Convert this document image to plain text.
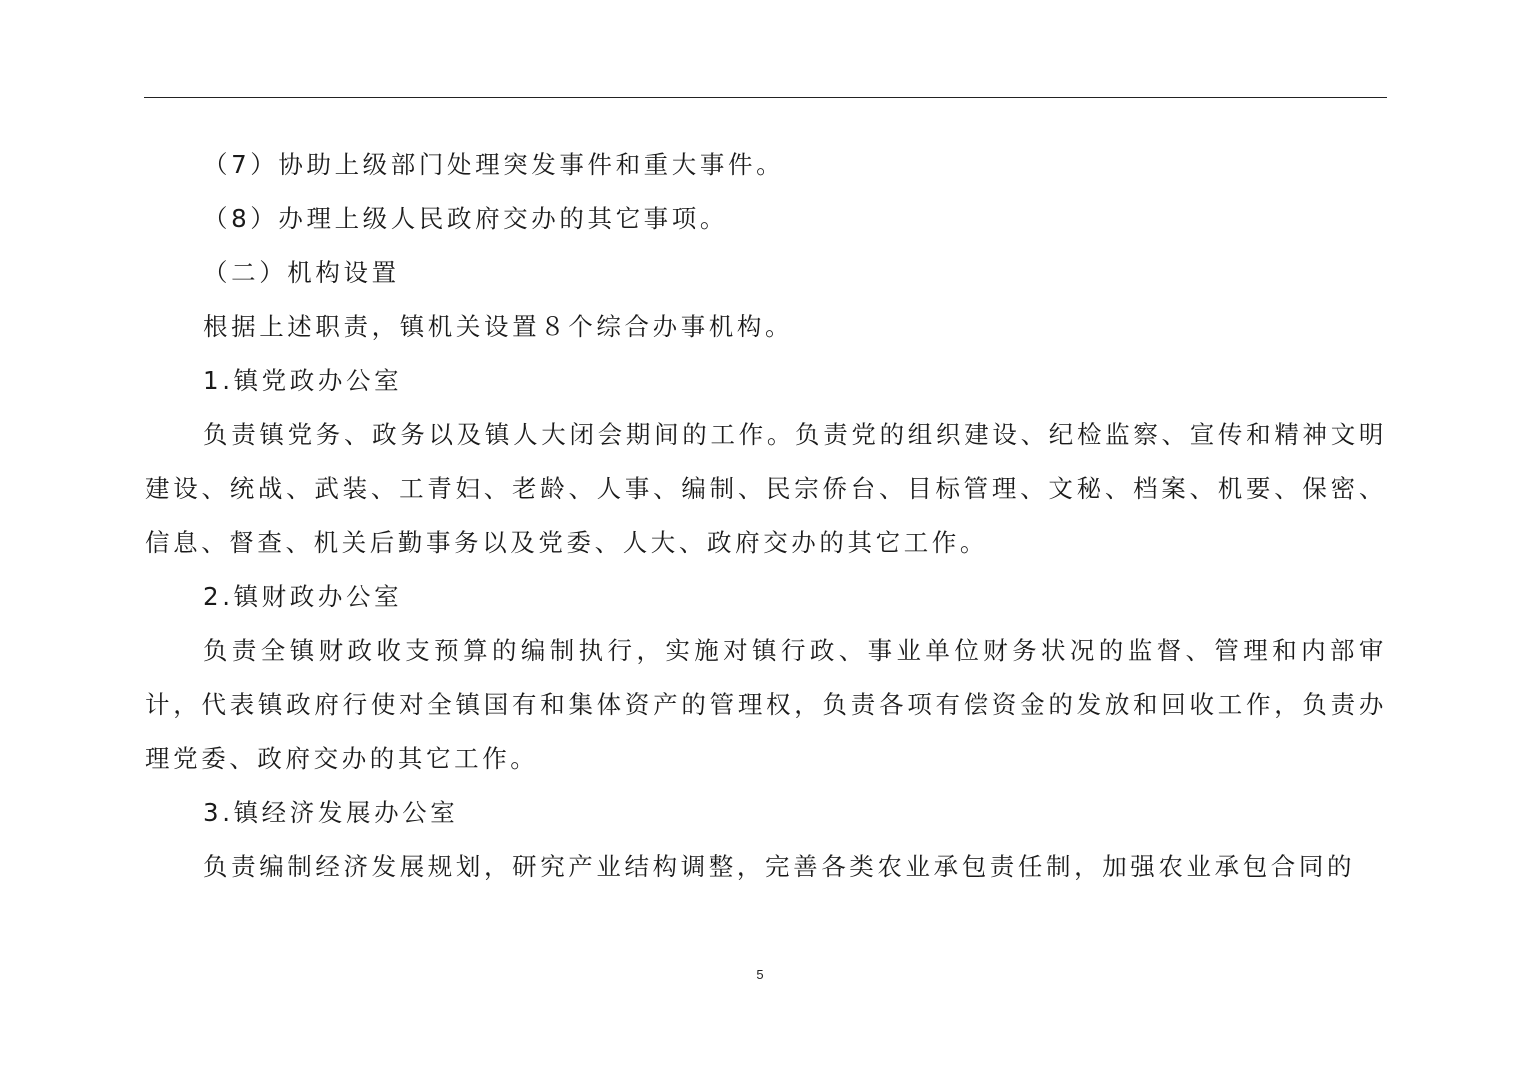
（7）协助上级部门处理突发事件和重大事件。

（8）办理上级人民政府交办的其它事项。

（二）机构设置

根据上述职责，镇机关设置８个综合办事机构。

1.镇党政办公室

负责镇党务、政务以及镇人大闭会期间的工作。负责党的组织建设、纪检监察、宣传和精神文明建设、统战、武装、工青妇、老龄、人事、编制、民宗侨台、目标管理、文秘、档案、机要、保密、信息、督查、机关后勤事务以及党委、人大、政府交办的其它工作。

2.镇财政办公室

负责全镇财政收支预算的编制执行，实施对镇行政、事业单位财务状况的监督、管理和内部审计，代表镇政府行使对全镇国有和集体资产的管理权，负责各项有偿资金的发放和回收工作，负责办理党委、政府交办的其它工作。

3.镇经济发展办公室

负责编制经济发展规划，研究产业结构调整，完善各类农业承包责任制，加强农业承包合同的

5
